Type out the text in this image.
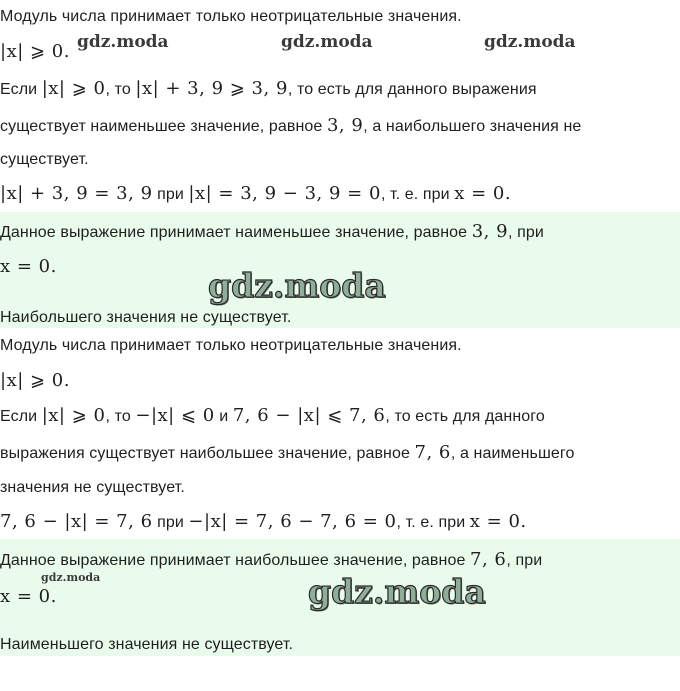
Модуль числа принимает только неотрицательные значения.
|x| ⩾ 0.
Если |x| ⩾ 0, то |x| + 3, 9 ⩾ 3, 9, то есть для данного выражения
существует наименьшее значение, равное 3, 9, а наибольшего значения не
существует.
|x| + 3, 9 = 3, 9 при |x| = 3, 9 − 3, 9 = 0, т. е. при x = 0.
Данное выражение принимает наименьшее значение, равное 3, 9, при
x = 0.
Наибольшего значения не существует.
Модуль числа принимает только неотрицательные значения.
|x| ⩾ 0.
Если |x| ⩾ 0, то −|x| ⩽ 0 и 7, 6 − |x| ⩽ 7, 6, то есть для данного
выражения существует наибольшее значение, равное 7, 6, а наименьшего
значения не существует.
7, 6 − |x| = 7, 6 при −|x| = 7, 6 − 7, 6 = 0, т. е. при x = 0.
Данное выражение принимает наибольшее значение, равное 7, 6, при
x = 0.
Наименьшего значения не существует.
gdz.moda	gdz.moda	gdz.moda
gdz.moda
gdz.moda	gdz.moda
